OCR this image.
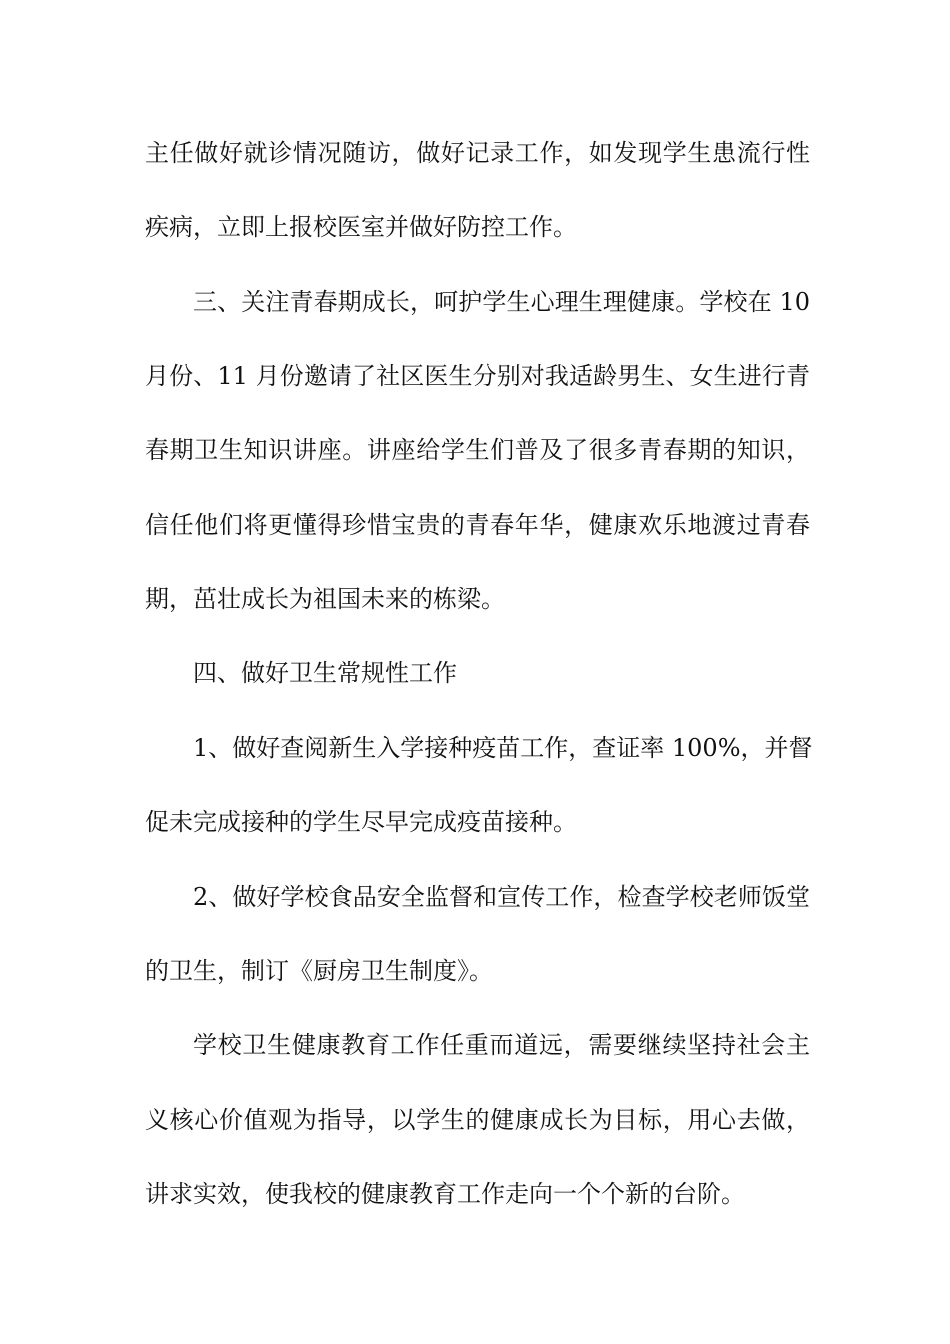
主任做好就诊情况随访，做好记录工作，如发现学生患流行性
疾病，立即上报校医室并做好防控工作。
三、关注青春期成长，呵护学生心理生理健康。学校在 10
月份、11 月份邀请了社区医生分别对我适龄男生、女生进行青
春期卫生知识讲座。讲座给学生们普及了很多青春期的知识，
信任他们将更懂得珍惜宝贵的青春年华，健康欢乐地渡过青春
期，茁壮成长为祖国未来的栋梁。
四、做好卫生常规性工作
1、做好查阅新生入学接种疫苗工作，查证率 100%，并督
促未完成接种的学生尽早完成疫苗接种。
2、做好学校食品安全监督和宣传工作，检查学校老师饭堂
的卫生，制订《厨房卫生制度》。
学校卫生健康教育工作任重而道远，需要继续坚持社会主
义核心价值观为指导，以学生的健康成长为目标，用心去做，
讲求实效，使我校的健康教育工作走向一个个新的台阶。
